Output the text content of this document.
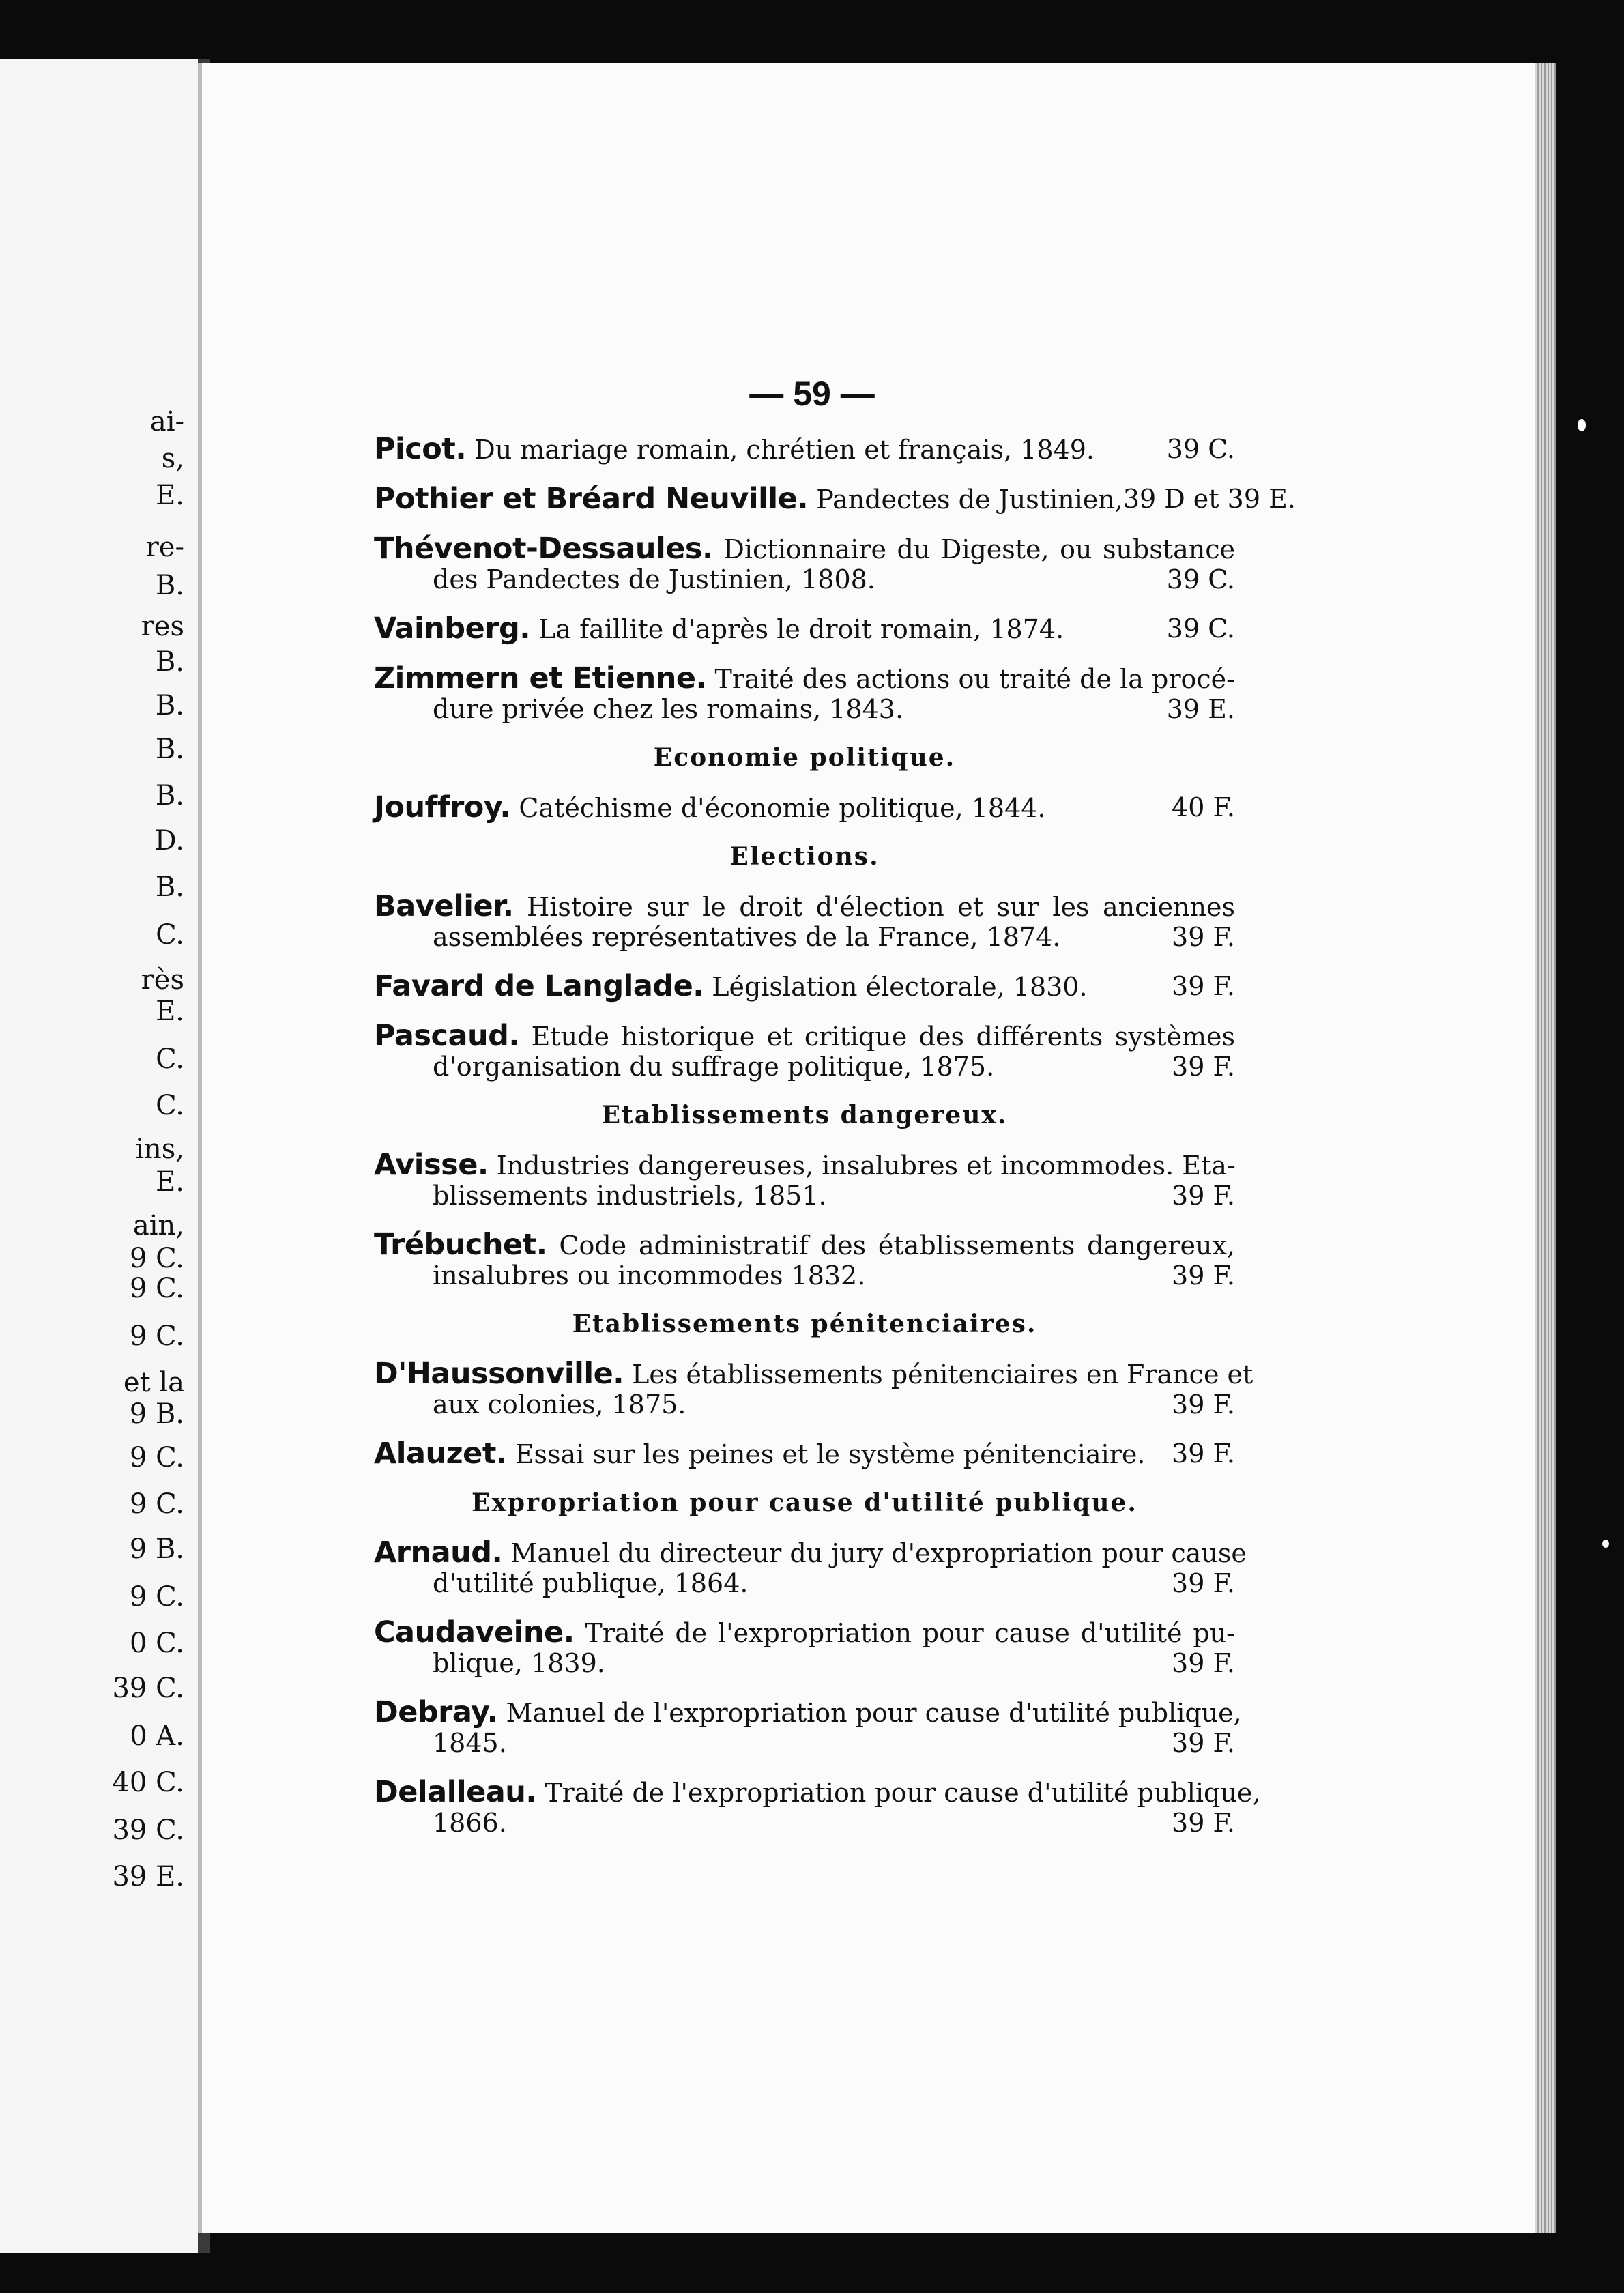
ai-
s,
E.
re-
B.
res
B.
B.
B.
B.
D.
B.
C.
rès
E.
C.
C.
ins,
E.
ain,
9 C.
9 C.
9 C.
et la
9 B.
9 C.
9 C.
9 B.
9 C.
0 C.
39 C.
0 A.
40 C.
39 C.
39 E.
— 59 —
Picot. Du mariage romain, chrétien et français, 1849.	39 C.
Pothier et Bréard Neuville. Pandectes de Justinien, 39 D et 39 E.
Thévenot-Dessaules. Dictionnaire du Digeste, ou substance
des Pandectes de Justinien, 1808.	39 C.
Vainberg. La faillite d'après le droit romain, 1874.	39 C.
Zimmern et Etienne. Traité des actions ou traité de la procé-
dure privée chez les romains, 1843.	39 E.
Economie politique.
Jouffroy. Catéchisme d'économie politique, 1844.	40 F.
Elections.
Bavelier. Histoire sur le droit d'élection et sur les anciennes
assemblées représentatives de la France, 1874.	39 F.
Favard de Langlade. Législation électorale, 1830.	39 F.
Pascaud. Etude historique et critique des différents systèmes
d'organisation du suffrage politique, 1875.	39 F.
Etablissements dangereux.
Avisse. Industries dangereuses, insalubres et incommodes. Eta-
blissements industriels, 1851.	39 F.
Trébuchet. Code administratif des établissements dangereux,
insalubres ou incommodes 1832.	39 F.
Etablissements pénitenciaires.
D'Haussonville. Les établissements pénitenciaires en France et
aux colonies, 1875.	39 F.
Alauzet. Essai sur les peines et le système pénitenciaire. 39 F.
Expropriation pour cause d'utilité publique.
Arnaud. Manuel du directeur du jury d'expropriation pour cause
d'utilité publique, 1864.	39 F.
Caudaveine. Traité de l'expropriation pour cause d'utilité pu-
blique, 1839.	39 F.
Debray. Manuel de l'expropriation pour cause d'utilité publique,
1845.	39 F.
Delalleau. Traité de l'expropriation pour cause d'utilité publique,
1866.	39 F.
